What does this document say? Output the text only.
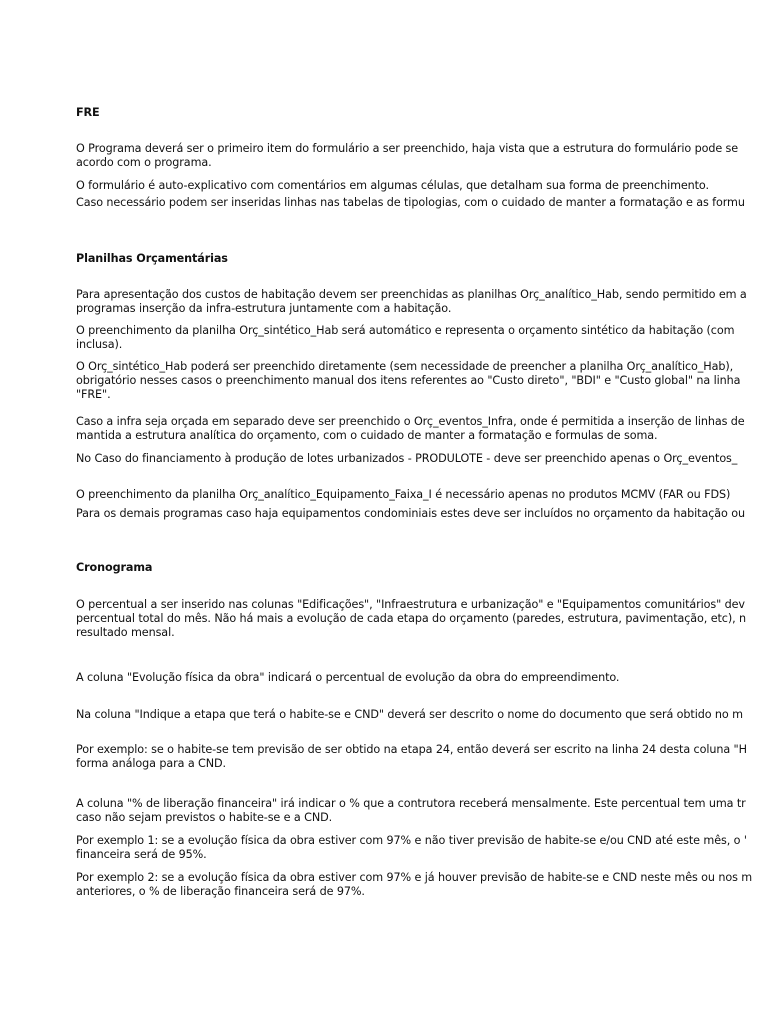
FRE
O Programa deverá ser o primeiro item do formulário a ser preenchido, haja vista que a estrutura do formulário pode se
acordo com o programa.
O formulário é auto-explicativo com comentários em algumas células, que detalham sua forma de preenchimento.
Caso necessário podem ser inseridas linhas nas tabelas de tipologias, com o cuidado de manter a formatação e as formu
Planilhas Orçamentárias
Para apresentação dos custos de habitação devem ser preenchidas as planilhas Orç_analítico_Hab, sendo permitido em a
programas inserção da infra-estrutura juntamente com a habitação.
O preenchimento da planilha Orç_sintético_Hab será automático e representa o orçamento sintético da habitação (com
inclusa).
O Orç_sintético_Hab poderá ser preenchido diretamente (sem necessidade de preencher a planilha Orç_analítico_Hab),
obrigatório nesses casos o preenchimento manual dos itens referentes ao "Custo direto", "BDI" e "Custo global" na linha
"FRE".
Caso a infra seja orçada em separado deve ser preenchido o Orç_eventos_Infra, onde é permitida a inserção de linhas de
mantida a estrutura analítica do orçamento, com o cuidado de manter a formatação e formulas de soma.
No Caso do financiamento à produção de lotes urbanizados - PRODULOTE - deve ser preenchido apenas o Orç_eventos_
O preenchimento da planilha Orç_analítico_Equipamento_Faixa_I é necessário apenas no produtos MCMV (FAR ou FDS)
Para os demais programas caso haja equipamentos condominiais estes deve ser incluídos no orçamento da habitação ou
Cronograma
O percentual a ser inserido nas colunas "Edificações", "Infraestrutura e urbanização" e "Equipamentos comunitários" dev
percentual total do mês. Não há mais a evolução de cada etapa do orçamento (paredes, estrutura, pavimentação, etc), n
resultado mensal.
A coluna "Evolução física da obra" indicará o percentual de evolução da obra do empreendimento.
Na coluna "Indique a etapa que terá o habite-se e CND" deverá ser descrito o nome do documento que será obtido no m
Por exemplo: se o habite-se tem previsão de ser obtido na etapa 24, então deverá ser escrito na linha 24 desta coluna "H
forma análoga para a CND.
A coluna "% de liberação financeira" irá indicar o % que a contrutora receberá mensalmente. Este percentual tem uma tr
caso não sejam previstos o habite-se e a CND.
Por exemplo 1: se a evolução física da obra estiver com 97% e não tiver previsão de habite-se e/ou CND até este mês, o '
financeira será de 95%.
Por exemplo 2: se a evolução física da obra estiver com 97% e já houver previsão de habite-se e CND neste mês ou nos m
anteriores, o % de liberação financeira será de 97%.
